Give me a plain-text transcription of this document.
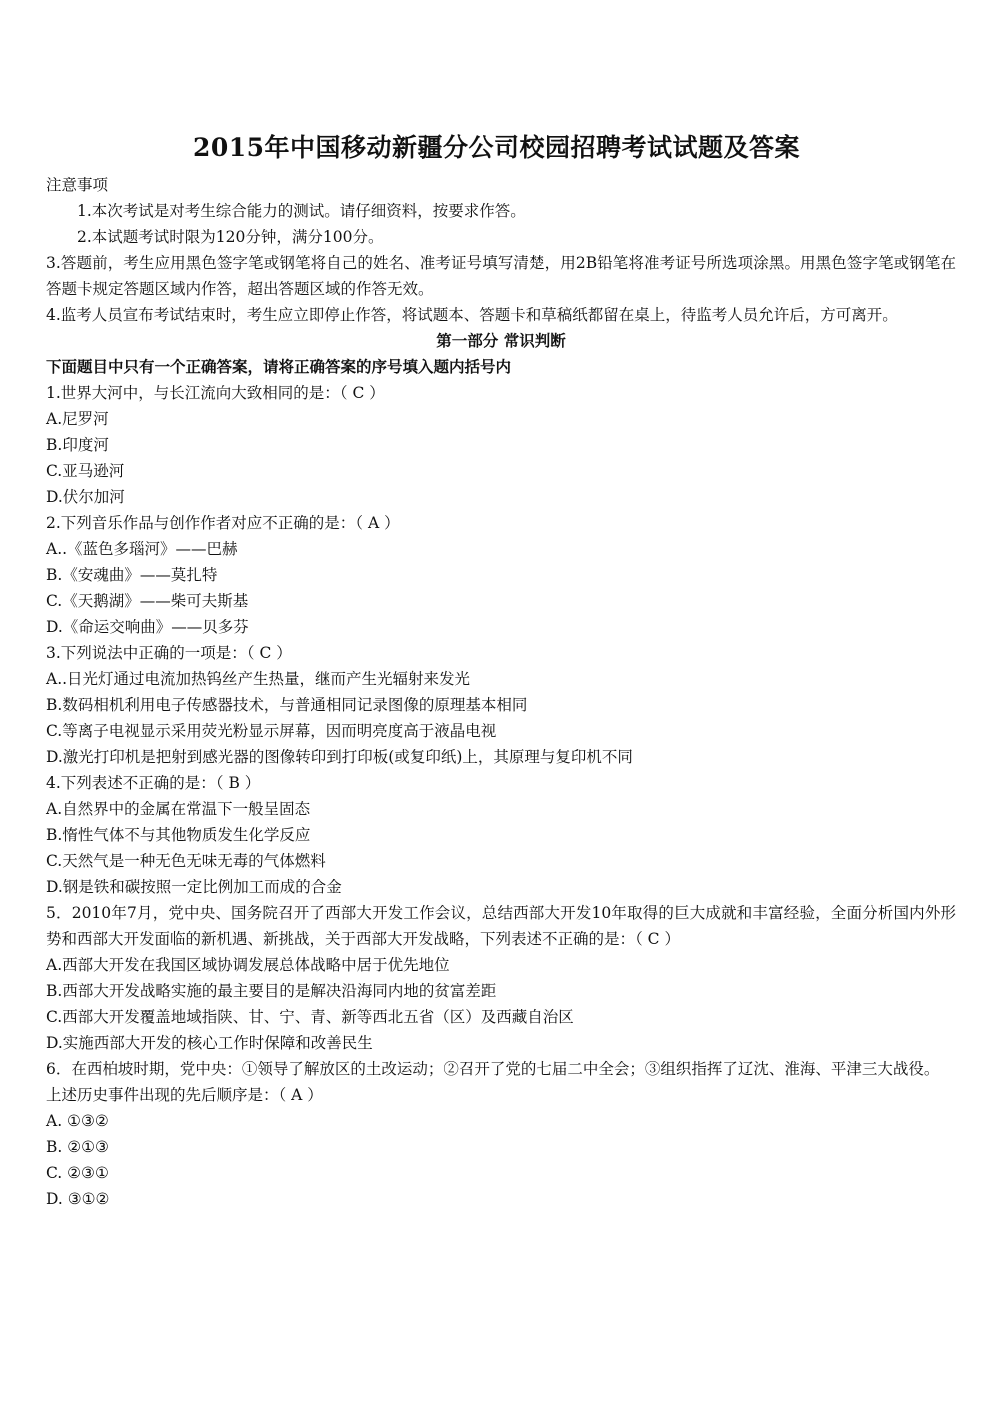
2015年中国移动新疆分公司校园招聘考试试题及答案
注意事项
1.本次考试是对考生综合能力的测试。请仔细资料，按要求作答。
2.本试题考试时限为120分钟，满分100分。
3.答题前，考生应用黑色签字笔或钢笔将自己的姓名、准考证号填写清楚，用2B铅笔将准考证号所选项涂黑。用黑色签字笔或钢笔在答题卡规定答题区域内作答，超出答题区域的作答无效。
4.监考人员宣布考试结束时，考生应立即停止作答，将试题本、答题卡和草稿纸都留在桌上，待监考人员允许后，方可离开。
第一部分 常识判断
下面题目中只有一个正确答案，请将正确答案的序号填入题内括号内
1.世界大河中，与长江流向大致相同的是：（ C ）
A.尼罗河
B.印度河
C.亚马逊河
D.伏尔加河
2.下列音乐作品与创作作者对应不正确的是：（ A ）
A..《蓝色多瑙河》——巴赫
B.《安魂曲》——莫扎特
C.《天鹅湖》——柴可夫斯基
D.《命运交响曲》——贝多芬
3.下列说法中正确的一项是：（ C ）
A..日光灯通过电流加热钨丝产生热量，继而产生光辐射来发光
B.数码相机利用电子传感器技术，与普通相同记录图像的原理基本相同
C.等离子电视显示采用荧光粉显示屏幕，因而明亮度高于液晶电视
D.激光打印机是把射到感光器的图像转印到打印板(或复印纸)上，其原理与复印机不同
4.下列表述不正确的是：（ B ）
A.自然界中的金属在常温下一般呈固态
B.惰性气体不与其他物质发生化学反应
C.天然气是一种无色无味无毒的气体燃料
D.钢是铁和碳按照一定比例加工而成的合金
5．2010年7月，党中央、国务院召开了西部大开发工作会议，总结西部大开发10年取得的巨大成就和丰富经验，全面分析国内外形势和西部大开发面临的新机遇、新挑战，关于西部大开发战略，下列表述不正确的是：（ C ）
A.西部大开发在我国区域协调发展总体战略中居于优先地位
B.西部大开发战略实施的最主要目的是解决沿海同内地的贫富差距
C.西部大开发覆盖地域指陕、甘、宁、青、新等西北五省（区）及西藏自治区
D.实施西部大开发的核心工作时保障和改善民生
6．在西柏坡时期，党中央：①领导了解放区的土改运动；②召开了党的七届二中全会；③组织指挥了辽沈、淮海、平津三大战役。
上述历史事件出现的先后顺序是：（ A ）
A. ①③②
B. ②①③
C. ②③①
D. ③①②
